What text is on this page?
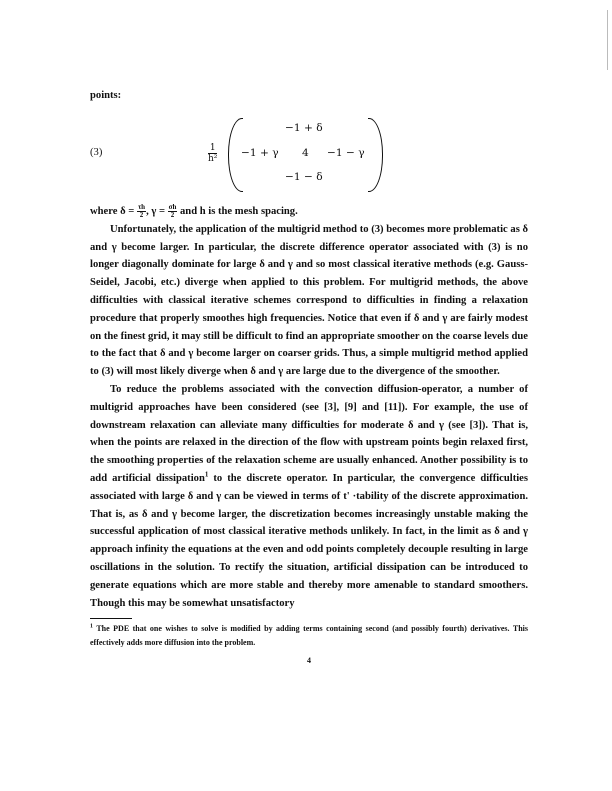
points:
(3)	$\frac{1}{\text{h²}}$
−1 + δ
−1 + γ 4 −1 − γ
−1 − δ

where $\delta = \frac{\tau h}{2}$ , $\gamma = \frac{\sigma h}{2}$ and h is the mesh spacing.

Unfortunately, the application of the multigrid method to (3) becomes more problematic as δ and γ become larger. In particular, the discrete difference operator associated with (3) is no longer diagonally dominate for large δ and γ and so most classical iterative methods (e.g. Gauss-Seidel, Jacobi, etc.) diverge when applied to this problem. For multigrid methods, the above difficulties with classical iterative schemes correspond to difficulties in finding a relaxation procedure that properly smoothes high frequencies. Notice that even if δ and γ are fairly modest on the finest grid, it may still be difficult to find an appropriate smoother on the coarse levels due to the fact that δ and γ become larger on coarser grids. Thus, a simple multigrid method applied to (3) will most likely diverge when δ and γ are large due to the divergence of the smoother.

To reduce the problems associated with the convection diffusion-operator, a number of multigrid approaches have been considered (see [3], [9] and [11]). For example, the use of downstream relaxation can alleviate many difficulties for moderate δ and γ (see [3]). That is, when the points are relaxed in the direction of the flow with upstream points begin relaxed first, the smoothing properties of the relaxation scheme are usually enhanced. Another possibility is to add artificial dissipation$^1$ to the discrete operator. In particular, the convergence difficulties associated with large δ and γ can be viewed in terms of t' ·tability of the discrete approximation. That is, as δ and γ become larger, the discretization becomes increasingly unstable making the successful application of most classical iterative methods unlikely. In fact, in the limit as δ and γ approach infinity the equations at the even and odd points completely decouple resulting in large oscillations in the solution. To rectify the situation, artificial dissipation can be introduced to generate equations which are more stable and thereby more amenable to standard smoothers. Though this may be somewhat unsatisfactory

$^1$ The PDE that one wishes to solve is modified by adding terms containing second (and possibly fourth) derivatives. This effectively adds more diffusion into the problem.
4
